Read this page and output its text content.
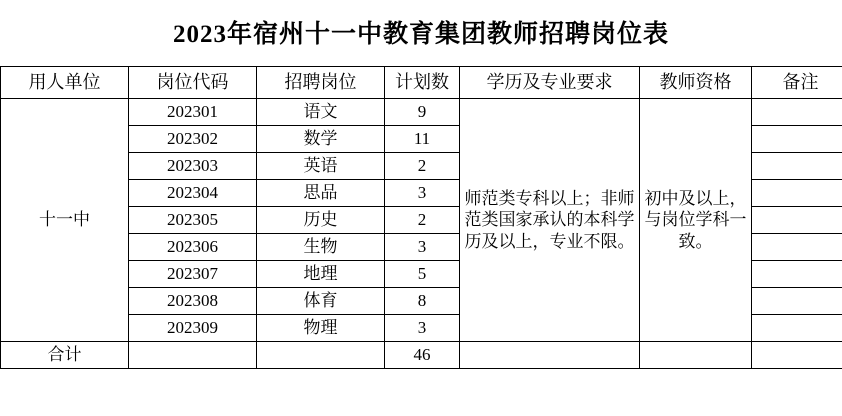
2023年宿州十一中教育集团教师招聘岗位表
用人单位	岗位代码	招聘岗位	计划数	学历及专业要求	教师资格	备注
十一中	202301	语文	9	师范类专科以上；非师范类国家承认的本科学历及以上，专业不限。	初中及以上，与岗位学科一致。	
	202302	数学	11			
	202303	英语	2			
	202304	思品	3			
	202305	历史	2			
	202306	生物	3			
	202307	地理	5			
	202308	体育	8			
	202309	物理	3			
合计			46			
